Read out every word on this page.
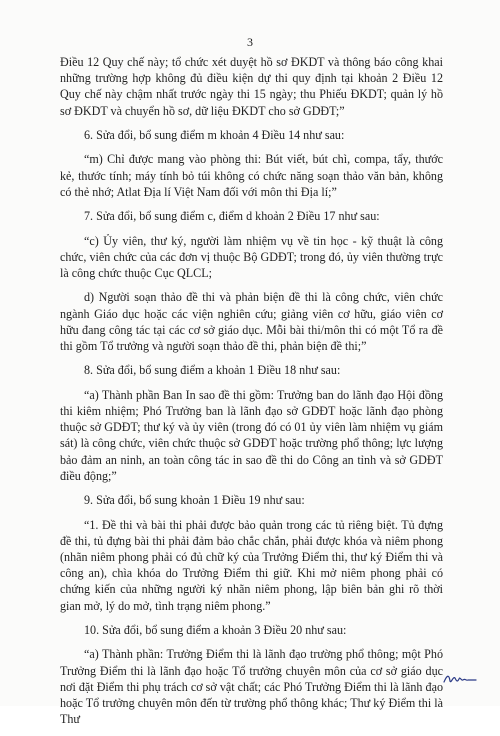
3

Điều 12 Quy chế này; tổ chức xét duyệt hồ sơ ĐKDT và thông báo công khai những trường hợp không đủ điều kiện dự thi quy định tại khoản 2 Điều 12 Quy chế này chậm nhất trước ngày thi 15 ngày; thu Phiếu ĐKDT; quản lý hồ sơ ĐKDT và chuyển hồ sơ, dữ liệu ĐKDT cho sở GDĐT;”

6. Sửa đổi, bổ sung điểm m khoản 4 Điều 14 như sau:

“m) Chỉ được mang vào phòng thi: Bút viết, bút chì, compa, tẩy, thước kẻ, thước tính; máy tính bỏ túi không có chức năng soạn thảo văn bản, không có thẻ nhớ; Atlat Địa lí Việt Nam đối với môn thi Địa lí;”

7. Sửa đổi, bổ sung điểm c, điểm d khoản 2 Điều 17 như sau:

“c) Ủy viên, thư ký, người làm nhiệm vụ về tin học - kỹ thuật là công chức, viên chức của các đơn vị thuộc Bộ GDĐT; trong đó, ủy viên thường trực là công chức thuộc Cục QLCL;

d) Người soạn thảo đề thi và phản biện đề thi là công chức, viên chức ngành Giáo dục hoặc các viện nghiên cứu; giảng viên cơ hữu, giáo viên cơ hữu đang công tác tại các cơ sở giáo dục. Mỗi bài thi/môn thi có một Tổ ra đề thi gồm Tổ trưởng và người soạn thảo đề thi, phản biện đề thi;”

8. Sửa đổi, bổ sung điểm a khoản 1 Điều 18 như sau:

“a) Thành phần Ban In sao đề thi gồm: Trưởng ban do lãnh đạo Hội đồng thi kiêm nhiệm; Phó Trưởng ban là lãnh đạo sở GDĐT hoặc lãnh đạo phòng thuộc sở GDĐT; thư ký và ủy viên (trong đó có 01 ủy viên làm nhiệm vụ giám sát) là công chức, viên chức thuộc sở GDĐT hoặc trường phổ thông; lực lượng bảo đảm an ninh, an toàn công tác in sao đề thi do Công an tỉnh và sở GDĐT điều động;”

9. Sửa đổi, bổ sung khoản 1 Điều 19 như sau:

“1. Đề thi và bài thi phải được bảo quản trong các tủ riêng biệt. Tủ đựng đề thi, tủ đựng bài thi phải đảm bảo chắc chắn, phải được khóa và niêm phong (nhãn niêm phong phải có đủ chữ ký của Trưởng Điểm thi, thư ký Điểm thi và công an), chìa khóa do Trưởng Điểm thi giữ. Khi mở niêm phong phải có chứng kiến của những người ký nhãn niêm phong, lập biên bản ghi rõ thời gian mở, lý do mở, tình trạng niêm phong.”

10. Sửa đổi, bổ sung điểm a khoản 3 Điều 20 như sau:

“a) Thành phần: Trưởng Điểm thi là lãnh đạo trường phổ thông; một Phó Trưởng Điểm thi là lãnh đạo hoặc Tổ trưởng chuyên môn của cơ sở giáo dục nơi đặt Điểm thi phụ trách cơ sở vật chất; các Phó Trưởng Điểm thi là lãnh đạo hoặc Tổ trưởng chuyên môn đến từ trường phổ thông khác; Thư ký Điểm thi là Thư
